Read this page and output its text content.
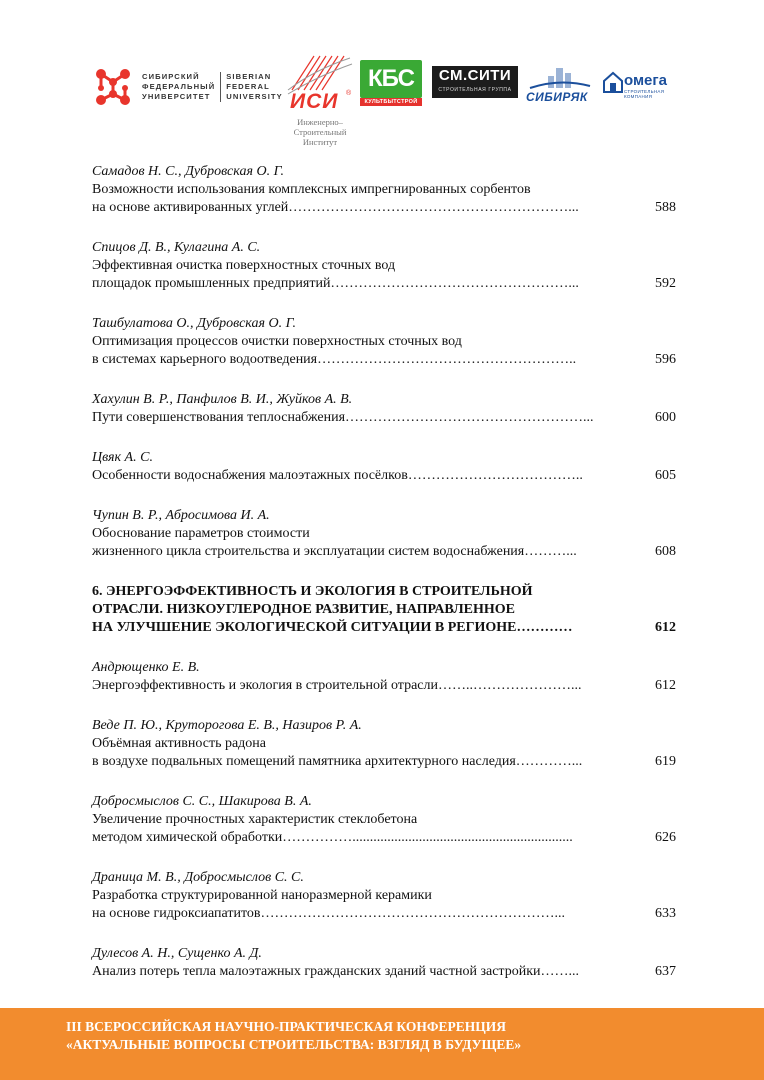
СИБИРСКИЙ
ФЕДЕРАЛЬНЫЙ
УНИВЕРСИТЕТ
SIBERIAN
FEDERAL
UNIVERSITY ИСИ ®
Инженерно–
Строительный
Институт
КБС
КУЛЬТБЫТСТРОЙ
СМ.СИТИ
СТРОИТЕЛЬНАЯ ГРУППА	СИБИРЯК
омега
СТРОИТЕЛЬНАЯ КОМПАНИЯ
Самадов Н. С., Дубровская О. Г.
Возможности использования комплексных импрегнированных сорбентов
на основе активированных углей……………………………………………………...	588
Спицов Д. В., Кулагина А. С.
Эффективная очистка поверхностных сточных вод
площадок промышленных предприятий……………………………………………...	592
Ташбулатова О., Дубровская О. Г.
Оптимизация процессов очистки поверхностных сточных вод
в системах карьерного водоотведения………………………………………………..	596
Хахулин В. Р., Панфилов В. И., Жуйков А. В.
Пути совершенствования теплоснабжения……………………………………………...	600
Цвяк А. С.
Особенности водоснабжения малоэтажных посёлков………………………………..	605
Чупин В. Р., Абросимова И. А.
Обоснование параметров стоимости
жизненного цикла строительства и эксплуатации систем водоснабжения………...	608
6. ЭНЕРГОЭФФЕКТИВНОСТЬ И ЭКОЛОГИЯ В СТРОИТЕЛЬНОЙ
ОТРАСЛИ. НИЗКОУГЛЕРОДНОЕ РАЗВИТИЕ, НАПРАВЛЕННОЕ
НА УЛУЧШЕНИЕ ЭКОЛОГИЧЕСКОЙ СИТУАЦИИ В РЕГИОНЕ…………	612
Андрющенко Е. В.
Энергоэффективность и экология в строительной отрасли……..…………………...	612
Веде П. Ю., Круторогова Е. В., Назиров Р. А.
Объёмная активность радона
в воздухе подвальных помещений памятника архитектурного наследия…………...	619
Добросмыслов С. С., Шакирова В. А.
Увеличение прочностных характеристик стеклобетона
методом химической обработки……………...............................................................	626
Драница М. В., Добросмыслов С. С.
Разработка структурированной наноразмерной керамики
на основе гидроксиапатитов………………………………………………………...	633
Дулесов А. Н., Сущенко А. Д.
Анализ потерь тепла малоэтажных гражданских зданий частной застройки……...	637
III ВСЕРОССИЙСКАЯ НАУЧНО-ПРАКТИЧЕСКАЯ КОНФЕРЕНЦИЯ
«АКТУАЛЬНЫЕ ВОПРОСЫ СТРОИТЕЛЬСТВА: ВЗГЛЯД В БУДУЩЕЕ»
